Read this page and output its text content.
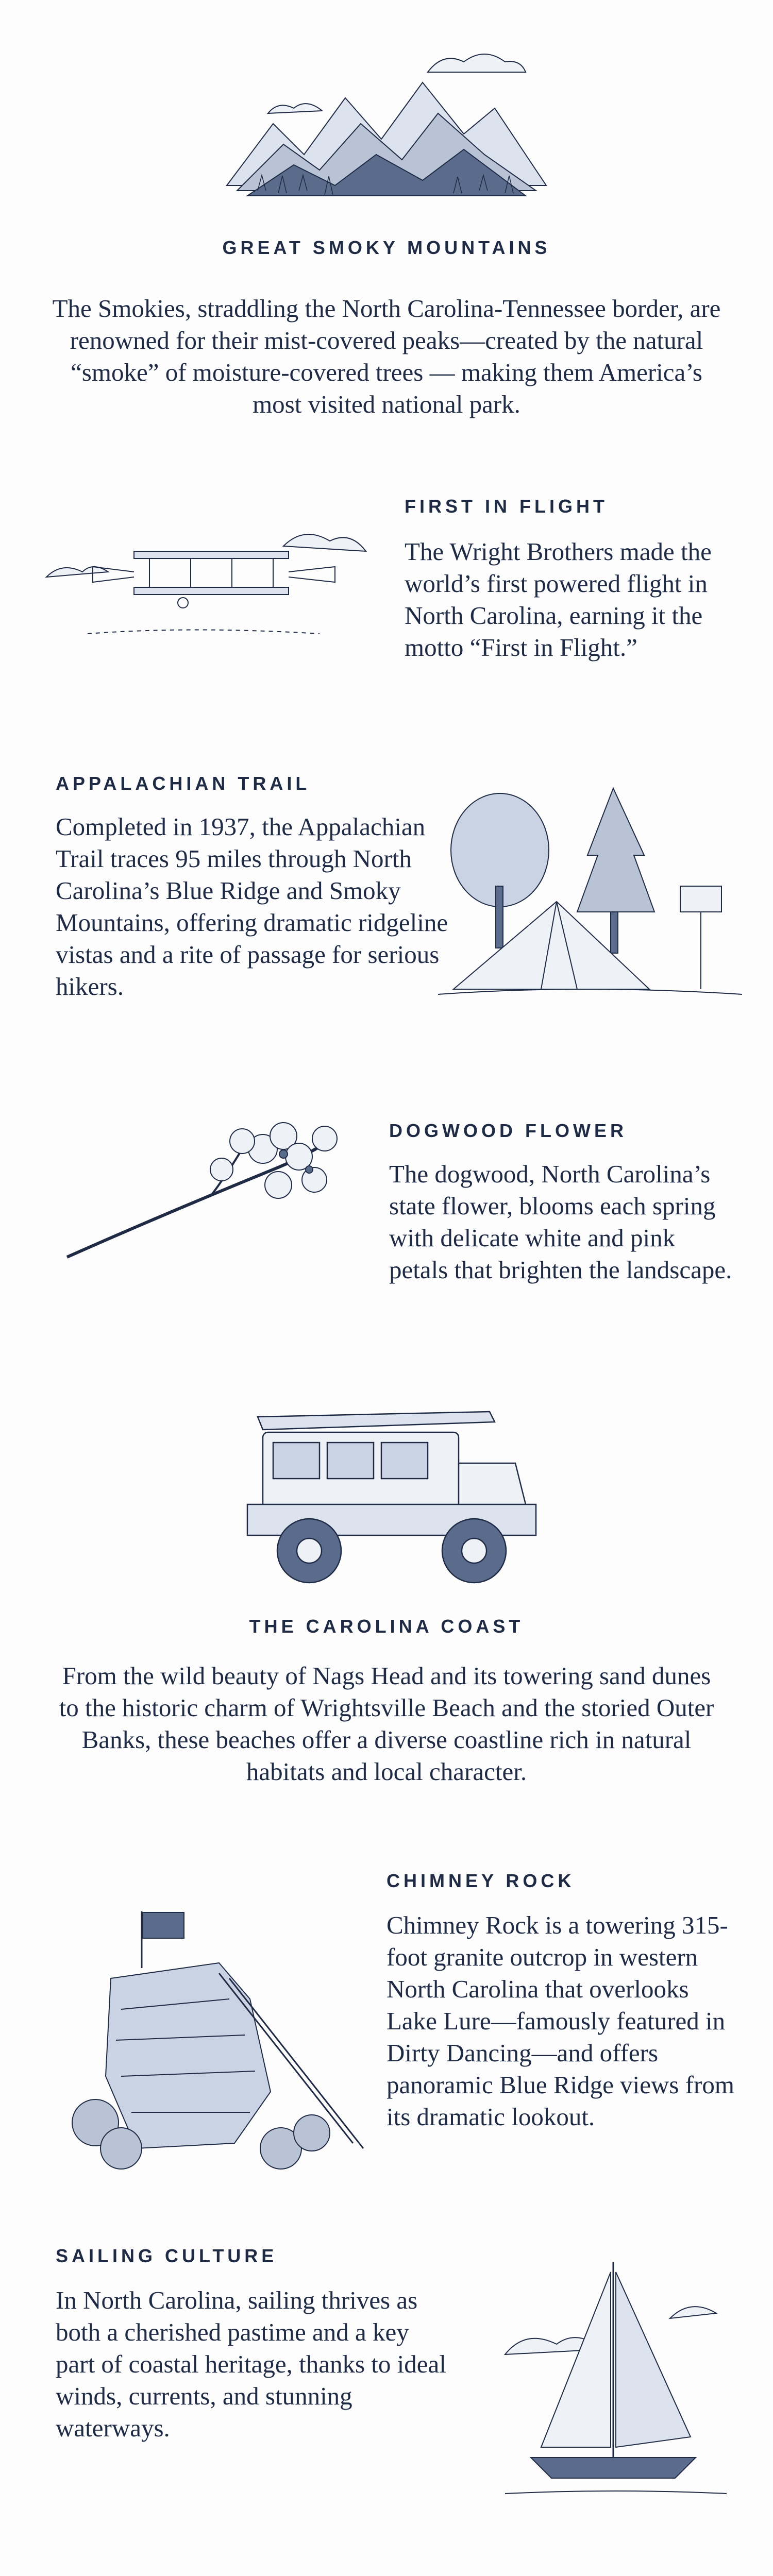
GREAT SMOKY MOUNTAINS
The Smokies, straddling the North Carolina-Tennessee border, are renowned for their mist-covered peaks—created by the natural “smoke” of moisture-covered trees — making them America’s most visited national park.
FIRST IN FLIGHT
The Wright Brothers made the world’s first powered flight in North Carolina, earning it the motto “First in Flight.”
APPALACHIAN TRAIL
Completed in 1937, the Appalachian Trail traces 95 miles through North Carolina’s Blue Ridge and Smoky Mountains, offering dramatic ridgeline vistas and a rite of passage for serious hikers.
DOGWOOD FLOWER
The dogwood, North Carolina’s state flower, blooms each spring with delicate white and pink petals that brighten the landscape.
THE CAROLINA COAST
From the wild beauty of Nags Head and its towering sand dunes to the historic charm of Wrightsville Beach and the storied Outer Banks, these beaches offer a diverse coastline rich in natural habitats and local character.
CHIMNEY ROCK
Chimney Rock is a towering 315-foot granite outcrop in western North Carolina that overlooks Lake Lure—famously featured in Dirty Dancing—and offers panoramic Blue Ridge views from its dramatic lookout.
SAILING CULTURE
In North Carolina, sailing thrives as both a cherished pastime and a key part of coastal heritage, thanks to ideal winds, currents, and stunning waterways.
